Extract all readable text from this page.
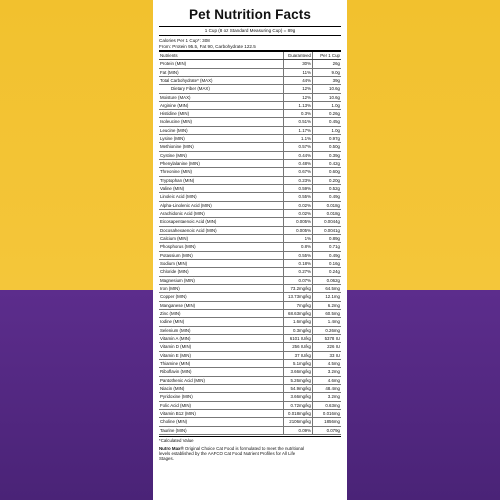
Pet Nutrition Facts
1 Cup (8 oz Standard Measuring Cup) = 89g
Calories Per 1 Cup*: 308
From: Protein 95.5, Fat 90, Carbohydrate 122.5
Nutrients	Guaranteed	Per 1 Cup
Protein (MIN)	30%	26g
Fat (MIN)	11%	9.0g
Total Carbohydrate* (MAX)	44%	39g
Dietary Fiber (MAX)	12%	10.6g
Moisture (MAX)	12%	10.6g
Arginine (MIN)	1.13%	1.0g
Histidine (MIN)	0.3%	0.26g
Isoleucine (MIN)	0.51%	0.45g
Leucine (MIN)	1.17%	1.0g
Lysine (MIN)	1.1%	0.97g
Methionine (MIN)	0.57%	0.50g
Cystine (MIN)	0.44%	0.39g
Phenylalanine (MIN)	0.48%	0.42g
Threonine (MIN)	0.67%	0.60g
Tryptophan (MIN)	0.23%	0.20g
Valine (MIN)	0.59%	0.52g
Linoleic Acid (MIN)	0.55%	0.49g
Alpha-Linolenic Acid (MIN)	0.02%	0.018g
Arachidonic Acid (MIN)	0.02%	0.018g
Eicosapentaenoic Acid (MIN)	0.005%	0.0044g
Docosahexaenoic Acid (MIN)	0.005%	0.0041g
Calcium (MIN)	1%	0.89g
Phosphorus (MIN)	0.8%	0.71g
Potassium (MIN)	0.55%	0.49g
Sodium (MIN)	0.18%	0.16g
Chloride (MIN)	0.27%	0.24g
Magnesium (MIN)	0.07%	0.062g
Iron (MIN)	73.2mg/kg	64.5mg
Copper (MIN)	13.73mg/kg	12.1mg
Manganese (MIN)	7mg/kg	6.2mg
Zinc (MIN)	68.63mg/kg	60.5mg
Iodine (MIN)	1.6mg/kg	1.4mg
Selenium (MIN)	0.3mg/kg	0.26mg
Vitamin A (MIN)	6101 IU/kg	5378 IU
Vitamin D (MIN)	256 IU/kg	226 IU
Vitamin E (MIN)	37 IU/kg	33 IU
Thiamine (MIN)	5.1mg/kg	4.5mg
Riboflavin (MIN)	3.66mg/kg	3.2mg
Pantothenic Acid (MIN)	5.26mg/kg	4.6mg
Niacin (MIN)	54.9mg/kg	48.4mg
Pyridoxine (MIN)	3.66mg/kg	3.2mg
Folic Acid (MIN)	0.72mg/kg	0.63mg
Vitamin B12 (MIN)	0.018mg/kg	0.016mg
Choline (MIN)	2106mg/kg	1856mg
Taurine (MIN)	0.09%	0.079g
*Calculated Value
Nutro Max® Original Choice Cat Food is formulated to meet the nutritional levels established by the AAFCO Cat Food Nutrient Profiles for All Life Stages.
